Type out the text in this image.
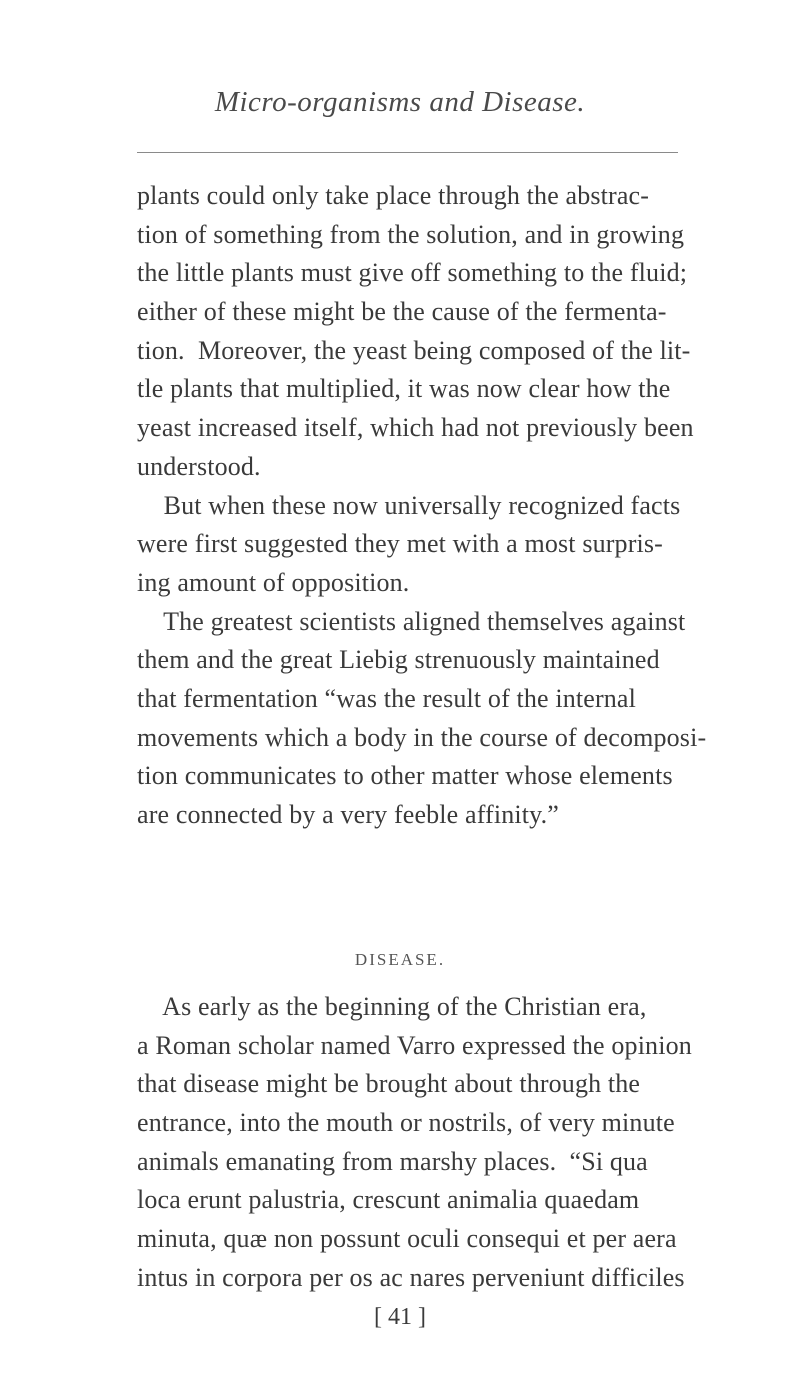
Micro-organisms and Disease.
plants could only take place through the abstrac-
tion of something from the solution, and in growing
the little plants must give off something to the fluid;
either of these might be the cause of the fermenta-
tion.  Moreover, the yeast being composed of the lit-
tle plants that multiplied, it was now clear how the
yeast increased itself, which had not previously been
understood.
But when these now universally recognized facts
were first suggested they met with a most surpris-
ing amount of opposition.
The greatest scientists aligned themselves against
them and the great Liebig strenuously maintained
that fermentation “was the result of the internal
movements which a body in the course of decomposi-
tion communicates to other matter whose elements
are connected by a very feeble affinity.”
DISEASE.
As early as the beginning of the Christian era,
a Roman scholar named Varro expressed the opinion
that disease might be brought about through the
entrance, into the mouth or nostrils, of very minute
animals emanating from marshy places.  “Si qua
loca erunt palustria, crescunt animalia quaedam
minuta, quæ non possunt oculi consequi et per aera
intus in corpora per os ac nares perveniunt difficiles
[ 41 ]
